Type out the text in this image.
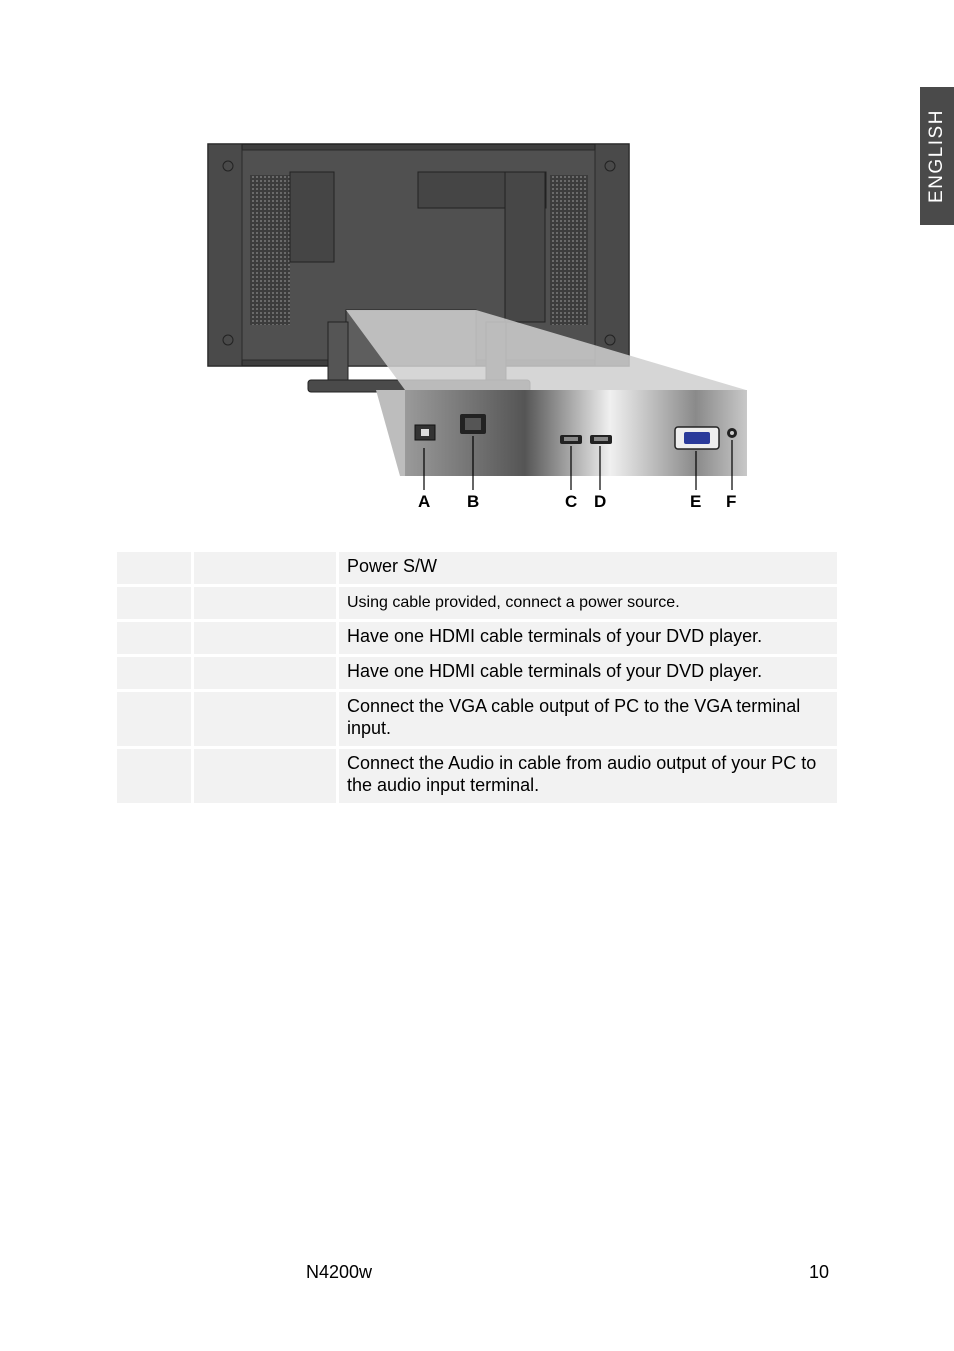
ENGLISH
A B	C D	E F
		Power S/W
		Using cable provided, connect a power source.
		Have one HDMI cable terminals of your DVD player.
		Have one HDMI cable terminals of your DVD player.
		Connect the VGA cable output of PC to the VGA terminal input.
		Connect the Audio in cable from audio output of your PC to the audio input terminal.
N4200w	10
